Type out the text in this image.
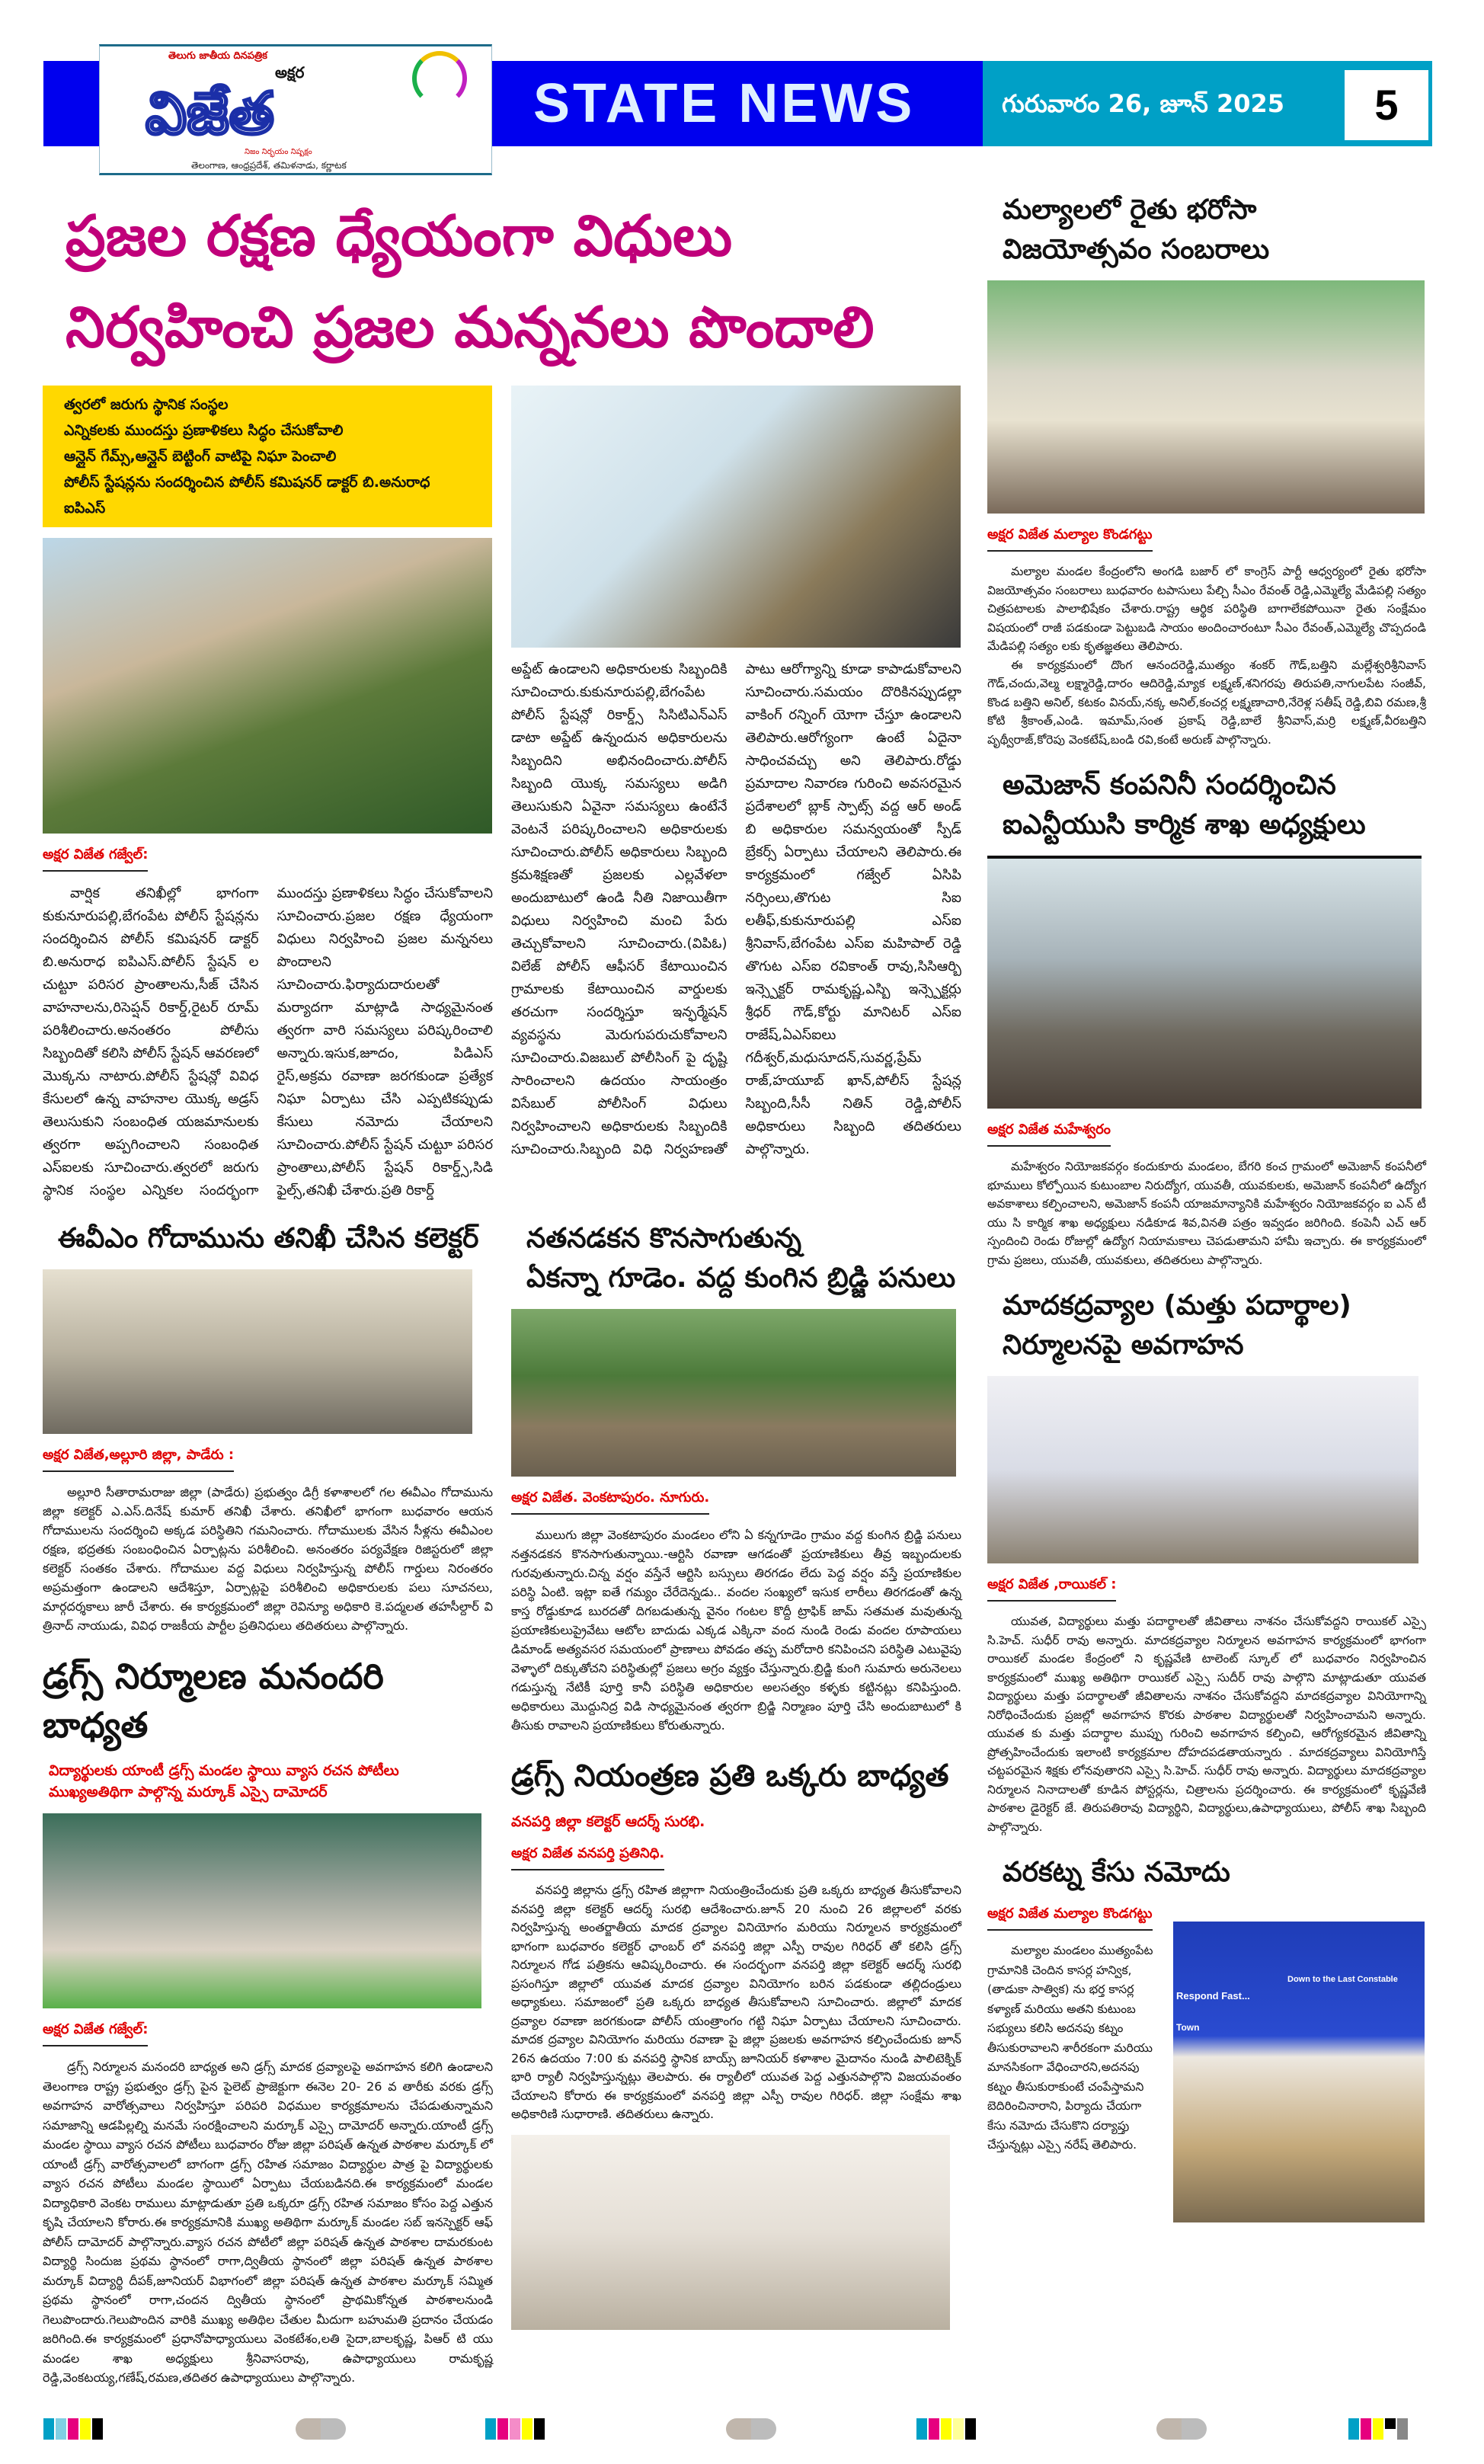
తెలుగు జాతీయ దినపత్రిక
అక్షర
విజేత
నిజం నిర్భయం నిష్పక్షం
తెలంగాణ, ఆంధ్రప్రదేశ్, తమిళనాడు, కర్ణాటక
STATE NEWS	గురువారం 26, జూన్ 2025	5
ప్రజల రక్షణ ధ్యేయంగా విధులు
నిర్వహించి ప్రజల మన్ననలు పొందాలి
త్వరలో జరుగు స్థానిక సంస్థల
ఎన్నికలకు ముందస్తు ప్రణాళికలు సిద్ధం చేసుకోవాలి
ఆన్లైన్ గేమ్స్,ఆన్లైన్ బెట్టింగ్ వాటిపై నిఘా పెంచాలి
పోలీస్ స్టేషన్లను సందర్శించిన పోలీస్ కమిషనర్ డాక్టర్ బి.అనురాధ ఐపిఎస్
అక్షర విజేత గజ్వేల్:

వార్షిక తనిఖీల్లో భాగంగా కుకునూరుపల్లి,బేగంపేట పోలీస్ స్టేషన్లను సందర్శించిన పోలీస్ కమిషనర్ డాక్టర్ బి.అనురాధ ఐపిఎస్.పోలీస్ స్టేషన్ ల చుట్టూ పరిసర ప్రాంతాలను,సీజ్ చేసిన వాహనాలను,రిసెప్షన్ రికార్డ్,రైటర్ రూమ్ పరిశీలించారు.అనంతరం పోలీసు సిబ్బందితో కలిసి పోలీస్ స్టేషన్ ఆవరణలో మొక్కను నాటారు.పోలీస్ స్టేషన్లో వివిధ కేసులలో ఉన్న వాహనాల యొక్క అడ్రస్ తెలుసుకుని సంబంధిత యజమానులకు త్వరగా అప్పగించాలని సంబంధిత ఎస్ఐలకు సూచించారు.త్వరలో జరుగు స్థానిక సంస్థల ఎన్నికల సందర్భంగా ముందస్తు ప్రణాళికలు సిద్ధం చేసుకోవాలని సూచించారు.ప్రజల రక్షణ ధ్యేయంగా విధులు నిర్వహించి ప్రజల మన్ననలు పొందాలని సూచించారు.ఫిర్యాదుదారులతో మర్యాదగా మాట్లాడి సాధ్యమైనంత త్వరగా వారి సమస్యలు పరిష్కరించాలి అన్నారు.ఇసుక,జూదం, పిడిఎస్ రైస్,అక్రమ రవాణా జరగకుండా ప్రత్యేక నిఘా ఏర్పాటు చేసి ఎప్పటికప్పుడు కేసులు నమోదు చేయాలని సూచించారు.పోలీస్ స్టేషన్ చుట్టూ పరిసర ప్రాంతాలు,పోలీస్ స్టేషన్ రికార్డ్స్,సిడి ఫైల్స్,తనిఖీ చేశారు.ప్రతి రికార్డ్

అప్డేట్ ఉండాలని అధికారులకు సిబ్బందికి సూచించారు.కుకునూరుపల్లి,బేగంపేట పోలీస్ స్టేషన్లో రికార్డ్స్ సిసిటిఎన్ఎస్ డాటా అప్డేట్ ఉన్నందున అధికారులను సిబ్బందిని అభినందించారు.పోలీస్ సిబ్బంది యొక్క సమస్యలు అడిగి తెలుసుకుని ఏవైనా సమస్యలు ఉంటేనే వెంటనే పరిష్కరించాలని అధికారులకు సూచించారు.పోలీస్ అధికారులు సిబ్బంది క్రమశిక్షణతో ప్రజలకు ఎల్లవేళలా అందుబాటులో ఉండి నీతి నిజాయితీగా విధులు నిర్వహించి మంచి పేరు తెచ్చుకోవాలని సూచించారు.(విపిఓ) విలేజ్ పోలీస్ ఆఫీసర్ కేటాయించిన గ్రామాలకు కేటాయించిన వార్డులకు తరచుగా సందర్శిస్తూ ఇన్ఫర్మేషన్ వ్యవస్థను మెరుగుపరుచుకోవాలని సూచించారు.విజబుల్ పోలీసింగ్ పై దృష్టి సారించాలని ఉదయం సాయంత్రం విసేబుల్ పోలీసింగ్ విధులు నిర్వహించాలని అధికారులకు సిబ్బందికి సూచించారు.సిబ్బంది విధి నిర్వహణతో పాటు ఆరోగ్యాన్ని కూడా కాపాడుకోవాలని సూచించారు.సమయం దొరికినప్పుడల్లా వాకింగ్ రన్నింగ్ యోగా చేస్తూ ఉండాలని తెలిపారు.ఆరోగ్యంగా ఉంటే ఏదైనా సాధించవచ్చు అని తెలిపారు.రోడ్డు ప్రమాదాల నివారణ గురించి అవసరమైన ప్రదేశాలలో బ్లాక్ స్పాట్స్ వద్ద ఆర్ అండ్ బి అధికారుల సమన్వయంతో స్పీడ్ బ్రేకర్స్ ఏర్పాటు చేయాలని తెలిపారు.ఈ కార్యక్రమంలో గజ్వేల్ ఏసిపి నర్సింలు,తొగుట సిఐ లతీఫ్,కుకునూరుపల్లి ఎస్ఐ శ్రీనివాస్,బేగంపేట ఎస్ఐ మహిపాల్ రెడ్డి తొగుట ఎస్ఐ రవికాంత్ రావు,సిసిఆర్బి ఇన్స్పెక్టర్ రామకృష్ణ,ఎస్బి ఇన్స్పెక్టర్లు శ్రీధర్ గౌడ్,కోర్టు మానిటర్ ఎస్ఐ రాజేష్,ఏఎస్ఐలు గదీశ్వర్,మధుసూదన్,సువర్ణ,ప్రేమ్ రాజ్,హయూబ్ ఖాన్,పోలీస్ స్టేషన్ల సిబ్బంది,సీసీ నితిన్ రెడ్డి,పోలీస్ అధికారులు సిబ్బంది తదితరులు పాల్గొన్నారు.

ఈవీఎం గోదామును తనిఖీ చేసిన కలెక్టర్
అక్షర విజేత,అల్లూరి జిల్లా, పాడేరు :

అల్లూరి సీతారామరాజు జిల్లా (పాడేరు) ప్రభుత్వం డిగ్రీ కళాశాలలో గల ఈవీఎం గోదామును జిల్లా కలెక్టర్ ఎ.ఎస్.దినేష్ కుమార్ తనిఖీ చేశారు. తనిఖీలో భాగంగా బుధవారం ఆయన గోదాములను సందర్శించి అక్కడ పరిస్థితిని గమనించారు. గోదాములకు వేసిన సీళ్లను ఈవీఎంల రక్షణ, భద్రతకు సంబంధించిన ఏర్పాట్లను పరిశీలించి. అనంతరం పర్యవేక్షణ రిజిస్టరులో జిల్లా కలెక్టర్ సంతకం చేశారు. గోదాముల వద్ద విధులు నిర్వహిస్తున్న పోలీస్ గార్డులు నిరంతరం అప్రమత్తంగా ఉండాలని ఆదేశిస్తూ, ఏర్పాట్లపై పరిశీలించి అధికారులకు పలు సూచనలు, మార్గదర్శకాలు జారీ చేశారు. ఈ కార్యక్రమంలో జిల్లా రెవిన్యూ అధికారి కె.పద్మలత తహసీల్దార్ వి త్రినాద్ నాయుడు, వివిధ రాజకీయ పార్టీల ప్రతినిధులు తదితరులు పాల్గొన్నారు.

డ్రగ్స్ నిర్మూలణ మనందరి బాధ్యత
విద్యార్థులకు యాంటీ డ్రగ్స్ మండల స్థాయి వ్యాస రచన పోటీలు
ముఖ్యఅతిథిగా పాల్గొన్న మర్కూక్ ఎస్సై దామోదర్
అక్షర విజేత గజ్వేల్:

డ్రగ్స్ నిర్మూలన మనందరి బాధ్యత అని డ్రగ్స్ మాదక ద్రవ్యాలపై అవగాహన కలిగి ఉండాలని తెలంగాణ రాష్ట్ర ప్రభుత్వం డ్రగ్స్ పైన పైలెట్ ప్రాజెక్టుగా ఈనెల 20- 26 వ తారీకు వరకు డ్రగ్స్ అవగాహన వారోత్సవాలు నిర్వహిస్తూ పరిపరి విధముల కార్యక్రమాలను చేపడుతున్నామని సమాజాన్ని ఆడపిల్లల్ని మనమే సంరక్షించాలని మర్కూక్ ఎస్సై దామోదర్ అన్నారు.యాంటీ డ్రగ్స్ మండల స్థాయి వ్యాస రచన పోటీలు బుధవారం రోజు జిల్లా పరిషత్ ఉన్నత పాఠశాల మర్కూక్ లో యాంటీ డ్రగ్స్ వారోత్సవాలలో బాగంగా డ్రగ్స్ రహిత సమాజం విద్యార్థుల పాత్ర పై విద్యార్థులకు వ్యాస రచన పోటీలు మండల స్థాయిలో ఏర్పాటు చేయబడినది.ఈ కార్యక్రమంలో మండల విద్యాధికారి వెంకట రాములు మాట్లాడుతూ ప్రతి ఒక్కరూ డ్రగ్స్ రహిత సమాజం కోసం పెద్ద ఎత్తున కృషి చేయాలని కోరారు.ఈ కార్యక్రమానికి ముఖ్య అతిథిగా మర్కూక్ మండల సబ్ ఇనస్పెక్టర్ ఆఫ్ పోలీస్ దామోదర్ పాల్గొన్నారు.వ్యాస రచన పోటీలో జిల్లా పరిషత్ ఉన్నత పాఠశాల దామరకుంట విద్యార్థి సిందుజ ప్రథమ స్థానంలో రాగా,ద్వితీయ స్థానంలో జిల్లా పరిషత్ ఉన్నత పాఠశాల మర్కూక్ విద్యార్థి దీపక్,జూనియర్ విభాగంలో జిల్లా పరిషత్ ఉన్నత పాఠశాల మర్కూక్ సమ్మిత ప్రథమ స్థానంలో రాగా,చందన ద్వితీయ స్థానంలో ప్రాథమికోన్నత పాఠశాలనుండి గెలుపొందారు.గెలుపొందిన వారికి ముఖ్య అతిథిల చేతుల మీదుగా బహుమతి ప్రదానం చేయడం జరిగింది.ఈ కార్యక్రమంలో ప్రధానోపాధ్యాయులు వెంకటేశం,లతి సైదా,బాలకృష్ణ, పిఆర్ టి యు మండల శాఖ అధ్యక్షులు శ్రీనివాసరావు, ఉపాధ్యాయులు రామకృష్ణ రెడ్డి,వెంకటయ్య,గణేష్,రమణ,తదితర ఉపాధ్యాయులు పాల్గొన్నారు.

నతనడకన కొనసాగుతున్న
ఏకన్నా గూడెం. వద్ద కుంగిన బ్రిడ్జి పనులు
అక్షర విజేత. వెంకటాపురం. నూగురు.

ములుగు జిల్లా వెంకటాపురం మండలం లోని ఏ కన్నగూడెం గ్రామం వద్ద కుంగిన బ్రిడ్జి పనులు నత్తనడకన కొనసాగుతున్నాయి.-ఆర్టిసి రవాణా ఆగడంతో ప్రయాణికులు తీవ్ర ఇబ్బందులకు గురవుతున్నారు.చిన్న వర్షం వస్తేనే ఆర్టిసి బస్సులు తిరగడం లేదు పెద్ద వర్షం వస్తే ప్రయాణికుల పరిస్థి ఏంటి. ఇట్లా ఐతే గమ్యం చేరేదెన్నడు.. వందల సంఖ్యలో ఇసుక లారీలు తిరగడంతో ఉన్న కాస్త రోడ్డుకూడ బురదతో దిగబడుతున్న వైనం గంటల కొద్దీ ట్రాఫిక్ జామ్ సతమత మవుతున్న ప్రయాణికులుప్రైవేటు ఆటోల బాదుడు ఎక్కడ ఎక్కినా వంద నుండి రెండు వందల రూపాయలు డిమాండ్ అత్యవసర సమయంలో ప్రాణాలు పోవడం తప్ప మరోదారి కనిపించని పరిస్థితి ఎటువైపు వెళ్ళాలో దిక్కుతోచని పరిస్థితుల్లో ప్రజలు అగ్రం వ్యక్తం చేస్తున్నారు.బ్రిడ్జి కుంగి సుమారు అరునెలలు గడుస్తున్న నేటికీ పూర్తి కానీ పరిస్థితి అధికారుల అలసత్వం కళ్ళకు కట్టినట్లు కనిపిస్తుంది. అధికారులు మొద్దునిద్ర విడి సాధ్యమైనంత త్వరగా బ్రిడ్జి నిర్మాణం పూర్తి చేసి అందుబాటులో కి తీసుకు రావాలని ప్రయాణికులు కోరుతున్నారు.

డ్రగ్స్ నియంత్రణ ప్రతి ఒక్కరు బాధ్యత
వనపర్తి జిల్లా కలెక్టర్ ఆదర్శ్ సురభి.
అక్షర విజేత వనపర్తి ప్రతినిధి.

వనపర్తి జిల్లాను డ్రగ్స్ రహిత జిల్లాగా నియంత్రించేందుకు ప్రతి ఒక్కరు బాధ్యత తీసుకోవాలని వనపర్తి జిల్లా కలెక్టర్ ఆదర్శ్ సురభి ఆదేశించారు.జూన్ 20 నుంచి 26 జిల్లాలలో వరకు నిర్వహిస్తున్న అంతర్జాతీయ మాదక ద్రవ్యాల వినియోగం మరియు నిర్మూలన కార్యక్రమంలో భాగంగా బుధవారం కలెక్టర్ ఛాంబర్ లో వనపర్తి జిల్లా ఎస్పీ రావుల గిరిధర్ తో కలిసి డ్రగ్స్ నిర్మూలన గోడ పత్రికను ఆవిష్కరించారు. ఈ సందర్భంగా వనపర్తి జిల్లా కలెక్టర్ ఆదర్శ్ సురభి ప్రసంగిస్తూ జిల్లాలో యువత మాదక ద్రవ్యాల వినియోగం బరిన పడకుండా తల్లిదండ్రులు అధ్యాకులు. సమాజంలో ప్రతి ఒక్కరు బాధ్యత తీసుకోవాలని సూచించారు. జిల్లాలో మాదక ద్రవ్యాల రవాణా జరగకుండా పోలీస్ యంత్రాంగం గట్టి నిఘా ఏర్పాటు చేయాలని సూచించారు. మాదక ద్రవ్యాల వినియోగం మరియు రవాణా పై జిల్లా ప్రజలకు అవగాహన కల్పించేందుకు జూన్ 26న ఉదయం 7:00 కు వనపర్తి స్థానిక బాయ్స్ జూనియర్ కళాశాల మైదానం నుండి పాలిటెక్నిక్ భారి ర్యాలీ నిర్వహిస్తున్నట్లు తెలపారు. ఈ ర్యాలీలో యువత పెద్ద ఎత్తునపాల్గొని విజయవంతం చేయాలని కోరారు ఈ కార్యక్రమంలో వనపర్తి జిల్లా ఎస్పీ రావుల గిరిధర్. జిల్లా సంక్షేమ శాఖ అధికారిణి సుధారాణి. తదితరులు ఉన్నారు.

మల్యాలలో రైతు భరోసా
విజయోత్సవం సంబరాలు
అక్షర విజేత మల్యాల కొండగట్టు

మల్యాల మండల కేంద్రంలోని అంగడి బజార్ లో కాంగ్రెస్ పార్టీ ఆధ్వర్యంలో రైతు భరోసా విజయోత్సవం సంబరాలు బుధవారం టపాసులు పేల్చి సీఎం రేవంత్ రెడ్డి,ఎమ్మెల్యే మేడిపల్లి సత్యం చిత్రపటాలకు పాలాభిషేకం చేశారు.రాష్ట్ర ఆర్థిక పరిస్థితి బాగాలేకపోయినా రైతు సంక్షేమం విషయంలో రాజీ పడకుండా పెట్టుబడి సాయం అందించారంటూ సీఎం రేవంత్,ఎమ్మెల్యే చొప్పదండి మేడిపల్లి సత్యం లకు కృతజ్ఞతలు తెలిపారు.

ఈ కార్యక్రమంలో దొంగ ఆనందరెడ్డి,ముత్యం శంకర్ గౌడ్,బత్తిని మల్లేశ్వరిశ్రీనివాస్ గౌడ్,చందు,వెల్మ లక్ష్మారెడ్డి,దారం ఆదిరెడ్డి,మ్యాక లక్ష్మణ్,శనిగరపు తిరుపతి,నాగులపేట సంజీవ్, కొండ బత్తిని అనిల్, కటకం వినయ్,నక్క అనిల్,కంచర్ల లక్ష్మణాచారి,నేరెళ్ల సతీష్ రెడ్డి,బివి రమణ,శ్రీ కోటి శ్రీకాంత్,ఎండి. ఇమామ్,సంత ప్రకాష్ రెడ్డి,బాలే శ్రీనివాస్,మర్రి లక్ష్మణ్,వీరబత్తిని పృథ్వీరాజ్,కోరెపు వెంకటేష్,బండి రవి,కంటే అరుణ్ పాల్గొన్నారు.

అమెజాన్ కంపనినీ సందర్శించిన
ఐఎన్టీయుసి కార్మిక శాఖ అధ్యక్షులు
అక్షర విజేత మహేశ్వరం

మహేశ్వరం నియోజకవర్గం కందుకూరు మండలం, బేగరి కంచ గ్రామంలో అమెజాన్ కంపనీలో భూములు కోల్పోయిన కుటుంబాల నిరుద్యోగ, యువతీ, యువకులకు, అమెజాన్ కంపనీలో ఉద్యోగ అవకాశాలు కల్పించాలని, అమెజాన్ కంపనీ యాజమాన్యానికి మహేశ్వరం నియోజకవర్గం ఐ ఎన్ టీ యు సి కార్మిక శాఖ అధ్యక్షులు నడికూడ శివ,వినతి పత్రం ఇవ్వడం జరిగింది. కంపెనీ ఎచ్ ఆర్ స్పందించి రెండు రోజుల్లో ఉద్యోగ నియామకాలు చెపడుతామని హామీ ఇచ్చారు. ఈ కార్యక్రమంలో గ్రామ ప్రజలు, యువతీ, యువకులు, తదితరులు పాల్గొన్నారు.

మాదకద్రవ్యాల (మత్తు పదార్థాల)
నిర్మూలనపై అవగాహన
అక్షర విజేత ,రాయికల్ :

యువత, విద్యార్థులు మత్తు పదార్థాలతో జీవితాలు నాశనం చేసుకోవద్దని రాయికల్ ఎస్సై సి.హెచ్. సుధీర్ రావు అన్నారు. మాదకద్రవ్యాల నిర్మూలన అవగాహన కార్యక్రమంలో భాగంగా రాయికల్ మండల కేంద్రంలో ని కృష్ణవేణి టాలెంట్ స్కూల్ లో బుధవారం నిర్వహించిన కార్యక్రమంలో ముఖ్య అతిథిగా రాయికల్ ఎస్సై సుదీర్ రావు పాల్గొని మాట్లాడుతూ యువత విద్యార్థులు మత్తు పదార్థాలతో జీవితాలను నాశనం చేసుకోవద్దని మాదకద్రవ్యాల వినియోగాన్ని నిరోధించేందుకు ప్రజల్లో అవగాహన కొరకు పాఠశాల విద్యార్థులతో నిర్వహించామని అన్నారు. యువత కు మత్తు పదార్థాల ముప్పు గురించి అవగాహన కల్పించి, ఆరోగ్యకరమైన జీవితాన్ని ప్రోత్సహించేందుకు ఇలాంటి కార్యక్రమాల దోహదపడతాయన్నారు . మాదకద్రవ్యాలు వినియోగిస్తే చట్టపరమైన శిక్షకు లోనవుతారని ఎస్సై సి.హెచ్. సుధీర్ రావు అన్నారు. విద్యార్థులు మాదకద్రవ్యాల నిర్మూలన నినాదాలతో కూడిన పోస్టర్లను, చిత్రాలను ప్రదర్శించారు. ఈ కార్యక్రమంలో కృష్ణవేణి పాఠశాల డైరెక్టర్ జే. తిరుపతిరావు విద్యార్థిని, విద్యార్థులు,ఉపాధ్యాయులు, పోలీస్ శాఖ సిబ్బంది పాల్గొన్నారు.

వరకట్న కేసు నమోదు
అక్షర విజేత మల్యాల కొండగట్టు

మల్యాల మండలం ముత్యంపేట గ్రామానికి చెందిన కాసర్ల హన్విక,(తాడుకా సాత్విక) ను భర్త కాసర్ల కళ్యాణ్ మరియు అతని కుటుంబ సభ్యులు కలిసి అదనపు కట్నం తీసుకురావాలని శారీరకంగా మరియు మానసికంగా వేధించారని,అదనపు కట్నం తీసుకురాకుంటే చంపేస్తామని బెదిరించినారాని, పిర్యాదు చేయగా కేసు నమోదు చేసుకొని దర్యాప్తు చేస్తున్నట్లు ఎస్సై నరేష్ తెలిపారు.

Respond Fast...
Down to the Last Constable
Town
